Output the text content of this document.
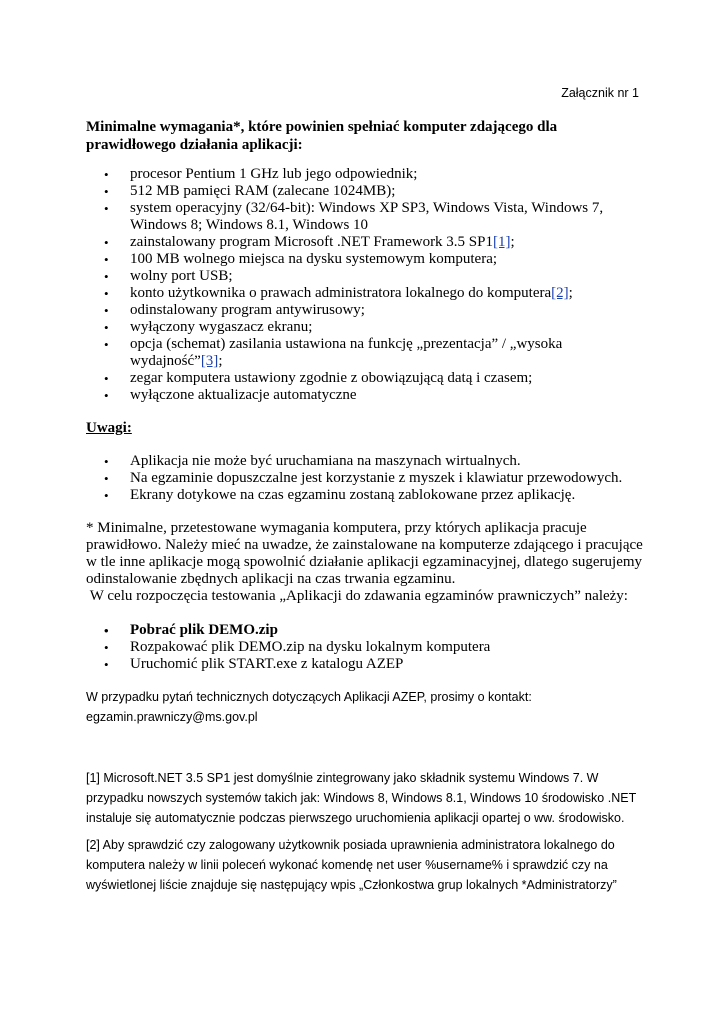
Załącznik nr 1
Minimalne wymagania*, które powinien spełniać komputer zdającego dla prawidłowego działania aplikacji:
• procesor Pentium 1 GHz lub jego odpowiednik;
• 512 MB pamięci RAM (zalecane 1024MB);
• system operacyjny (32/64-bit): Windows XP SP3, Windows Vista, Windows 7, Windows 8; Windows 8.1, Windows 10
• zainstalowany program Microsoft .NET Framework 3.5 SP1[1];
• 100 MB wolnego miejsca na dysku systemowym komputera;
• wolny port USB;
• konto użytkownika o prawach administratora lokalnego do komputera[2];
• odinstalowany program antywirusowy;
• wyłączony wygaszacz ekranu;
• opcja (schemat) zasilania ustawiona na funkcję „prezentacja” / „wysoka wydajność”[3];
• zegar komputera ustawiony zgodnie z obowiązującą datą i czasem;
• wyłączone aktualizacje automatyczne
Uwagi:
• Aplikacja nie może być uruchamiana na maszynach wirtualnych.
• Na egzaminie dopuszczalne jest korzystanie z myszek i klawiatur przewodowych.
• Ekrany dotykowe na czas egzaminu zostaną zablokowane przez aplikację.
* Minimalne, przetestowane wymagania komputera, przy których aplikacja pracuje prawidłowo. Należy mieć na uwadze, że zainstalowane na komputerze zdającego i pracujące w tle inne aplikacje mogą spowolnić działanie aplikacji egzaminacyjnej, dlatego sugerujemy odinstalowanie zbędnych aplikacji na czas trwania egzaminu.
W celu rozpoczęcia testowania „Aplikacji do zdawania egzaminów prawniczych” należy:
• Pobrać plik DEMO.zip
• Rozpakować plik DEMO.zip na dysku lokalnym komputera
• Uruchomić plik START.exe z katalogu AZEP
W przypadku pytań technicznych dotyczących Aplikacji AZEP, prosimy o kontakt:
egzamin.prawniczy@ms.gov.pl
[1] Microsoft.NET 3.5 SP1 jest domyślnie zintegrowany jako składnik systemu Windows 7. W przypadku nowszych systemów takich jak: Windows 8, Windows 8.1, Windows 10 środowisko .NET instaluje się automatycznie podczas pierwszego uruchomienia aplikacji opartej o ww. środowisko.
[2] Aby sprawdzić czy zalogowany użytkownik posiada uprawnienia administratora lokalnego do komputera należy w linii poleceń wykonać komendę net user %username% i sprawdzić czy na wyświetlonej liście znajduje się następujący wpis „Członkostwa grup lokalnych *Administratorzy”
